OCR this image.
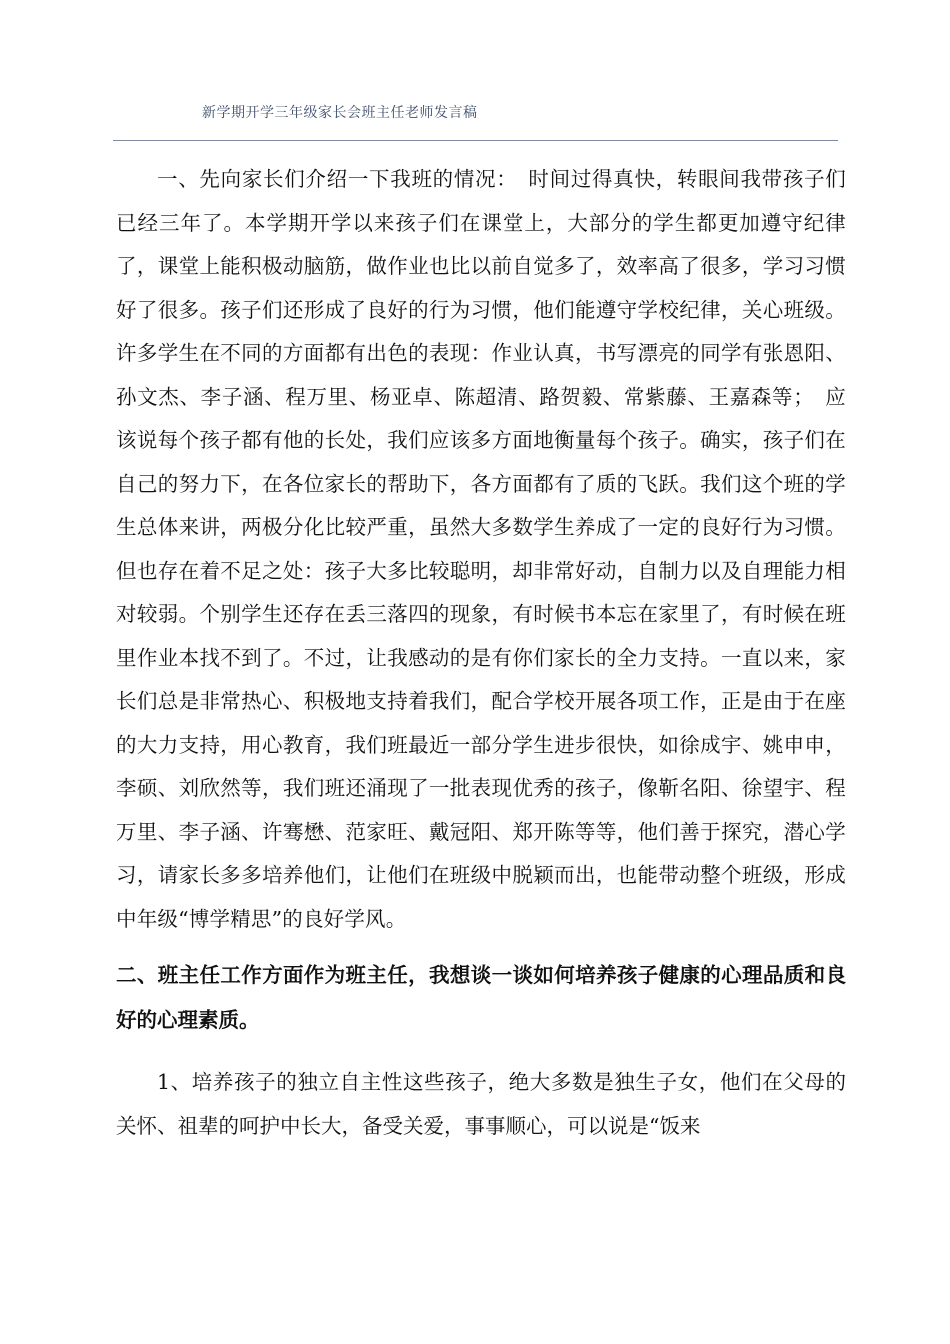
新学期开学三年级家长会班主任老师发言稿

一、先向家长们介绍一下我班的情况：　时间过得真快，转眼间我带孩子们已经三年了。本学期开学以来孩子们在课堂上，大部分的学生都更加遵守纪律了，课堂上能积极动脑筋，做作业也比以前自觉多了，效率高了很多，学习习惯好了很多。孩子们还形成了良好的行为习惯，他们能遵守学校纪律，关心班级。许多学生在不同的方面都有出色的表现：作业认真，书写漂亮的同学有张恩阳、孙文杰、李子涵、程万里、杨亚卓、陈超清、路贺毅、常紫藤、王嘉森等；　应该说每个孩子都有他的长处，我们应该多方面地衡量每个孩子。确实，孩子们在自己的努力下，在各位家长的帮助下，各方面都有了质的飞跃。我们这个班的学生总体来讲，两极分化比较严重，虽然大多数学生养成了一定的良好行为习惯。但也存在着不足之处：孩子大多比较聪明，却非常好动，自制力以及自理能力相对较弱。个别学生还存在丢三落四的现象，有时候书本忘在家里了，有时候在班里作业本找不到了。不过，让我感动的是有你们家长的全力支持。一直以来，家长们总是非常热心、积极地支持着我们，配合学校开展各项工作，正是由于在座的大力支持，用心教育，我们班最近一部分学生进步很快，如徐成宇、姚申申，李硕、刘欣然等，我们班还涌现了一批表现优秀的孩子，像靳名阳、徐望宇、程万里、李子涵、许骞懋、范家旺、戴冠阳、郑开陈等等，他们善于探究，潜心学习，请家长多多培养他们，让他们在班级中脱颖而出，也能带动整个班级，形成中年级“博学精思”的良好学风。

二、班主任工作方面作为班主任，我想谈一谈如何培养孩子健康的心理品质和良好的心理素质。

1、培养孩子的独立自主性这些孩子，绝大多数是独生子女，他们在父母的关怀、祖辈的呵护中长大，备受关爱，事事顺心，可以说是“饭来
